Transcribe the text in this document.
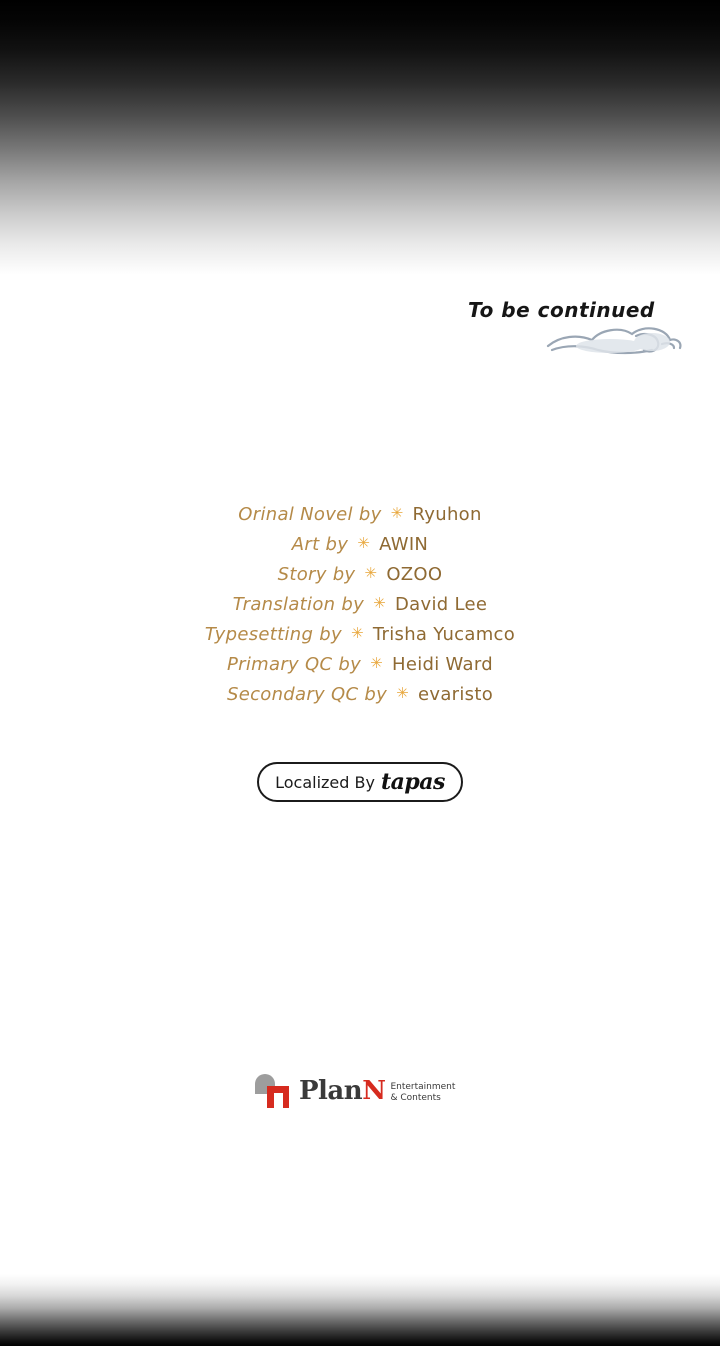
To be continued
Orinal Novel by ✳ Ryuhon
Art by ✳ AWIN
Story by ✳ OZOO
Translation by ✳ David Lee
Typesetting by ✳ Trisha Yucamco
Primary QC by ✳ Heidi Ward
Secondary QC by ✳ evaristo
Localized By tapas
PlanN Entertainment
& Contents
